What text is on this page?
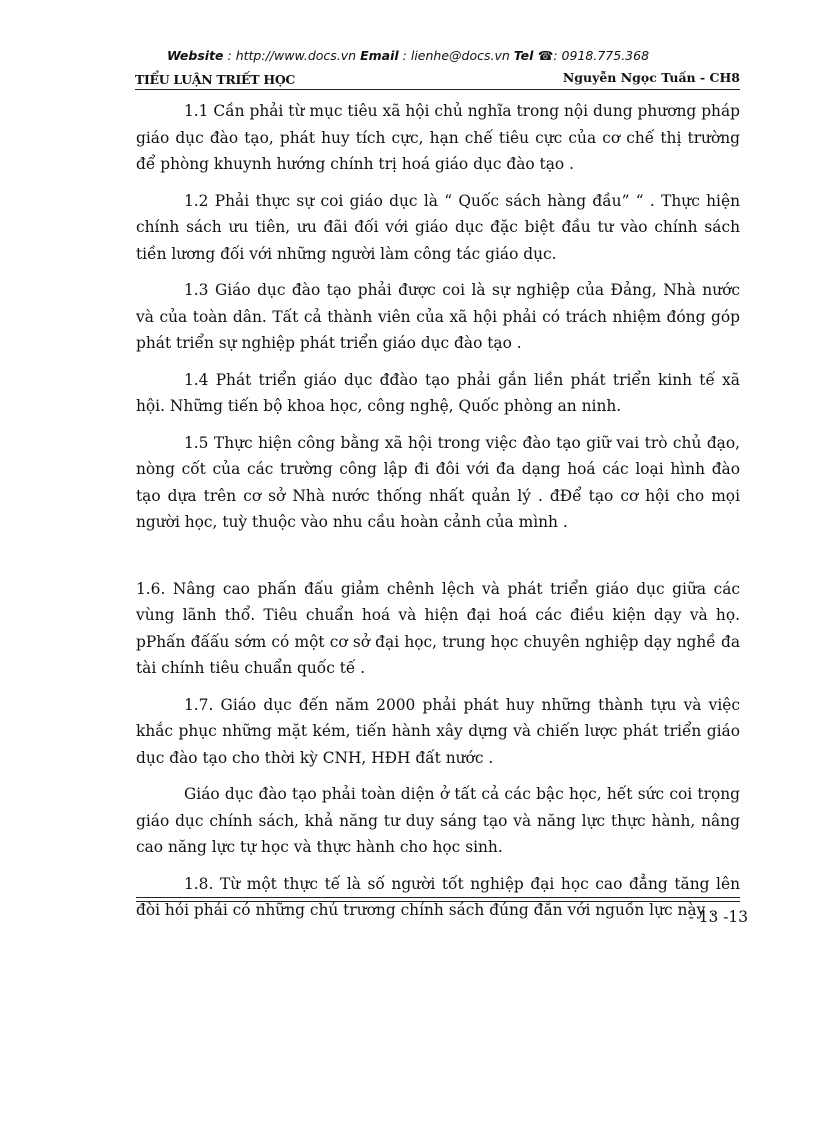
Website : http://www.docs.vn Email : lienhe@docs.vn Tel ☎: 0918.775.368
TIỂU LUẬN TRIẾT HỌC	Nguyễn Ngọc Tuấn - CH8

1.1 Cần phải từ mục tiêu xã hội chủ nghĩa trong nội dung phương pháp giáo dục đào tạo, phát huy tích cực, hạn chế tiêu cực của cơ chế thị trường để phòng khuynh hướng chính trị hoá giáo dục đào tạo .

1.2 Phải thực sự coi giáo dục là “ Quốc sách hàng đầu” “ . Thực hiện chính sách ưu tiên, ưu đãi đối với giáo dục đặc biệt đầu tư vào chính sách tiền lương đối với những người làm công tác giáo dục.

1.3 Giáo dục đào tạo phải được coi là sự nghiệp của Đảng, Nhà nước và của toàn dân. Tất cả thành viên của xã hội phải có trách nhiệm đóng góp phát triển sự nghiệp phát triển giáo dục đào tạo .

1.4 Phát triển giáo dục đđào tạo phải gắn liền phát triển kinh tế xã hội. Những tiến bộ khoa học, công nghệ, Quốc phòng an ninh.

1.5 Thực hiện công bằng xã hội trong việc đào tạo giữ vai trò chủ đạo, nòng cốt của các trường công lập đi đôi với đa dạng hoá các loại hình đào tạo dựa trên cơ sở Nhà nước thống nhất quản lý . đĐể tạo cơ hội cho mọi người học, tuỳ thuộc vào nhu cầu hoàn cảnh của mình .

1.6. Nâng cao phấn đấu giảm chênh lệch và phát triển giáo dục giữa các vùng lãnh thổ. Tiêu chuẩn hoá và hiện đại hoá các điều kiện dạy và họ. pPhấn đấấu sớm có một cơ sở đại học, trung học chuyên nghiệp dạy nghề đa tài chính tiêu chuẩn quốc tế .

1.7. Giáo dục đến năm 2000 phải phát huy những thành tựu và việc khắc phục những mặt kém, tiến hành xây dựng và chiến lược phát triển giáo dục đào tạo cho thời kỳ CNH, HĐH đất nước .

Giáo dục đào tạo phải toàn diện ở tất cả các bậc học, hết sức coi trọng giáo dục chính sách, khả năng tư duy sáng tạo và năng lực thực hành, nâng cao năng lực tự học và thực hành cho học sinh.

1.8. Từ một thực tế là số người tốt nghiệp đại học cao đẳng tăng lên đòi hỏi phải có những chủ trương chính sách đúng đắn với nguồn lực này .

- 13 -13
